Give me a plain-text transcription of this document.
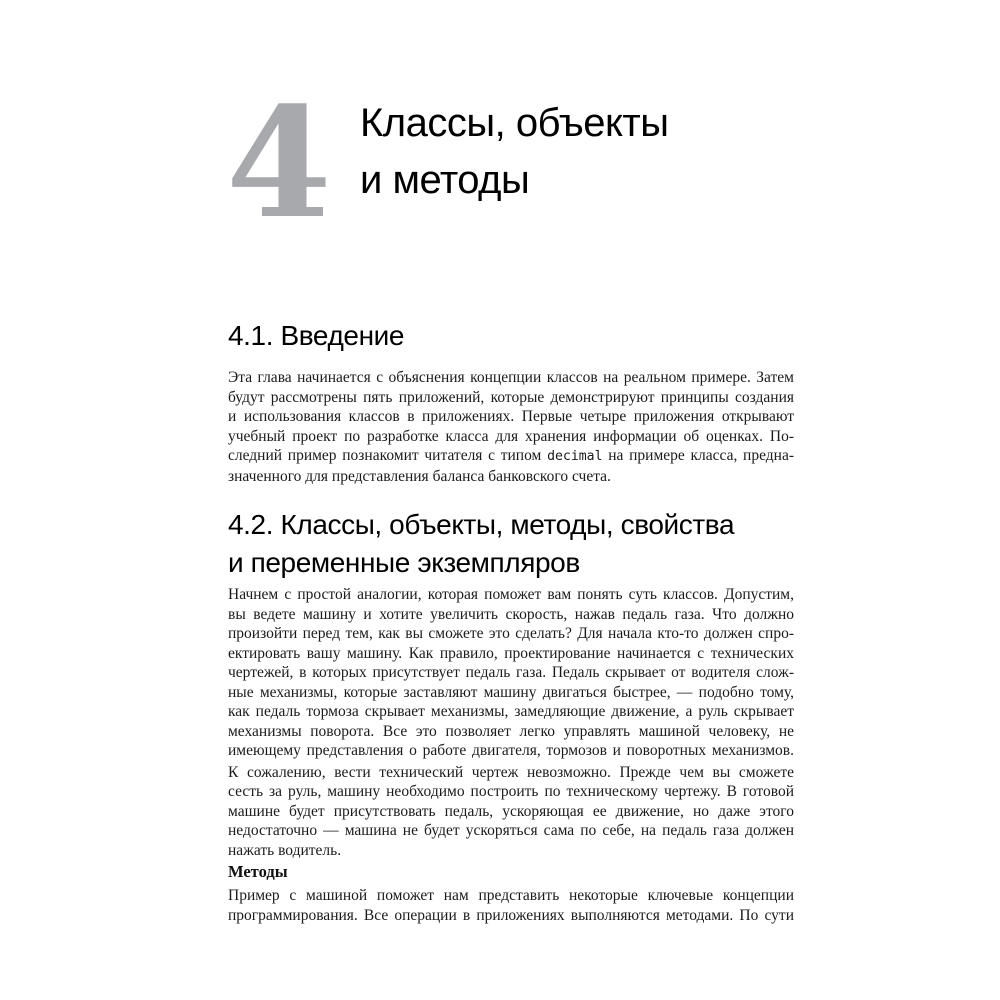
4 Классы, объекты
и методы
4.1. Введение
Эта глава начинается с объяснения концепции классов на реальном примере. Затем
будут рассмотрены пять приложений, которые демонстрируют принципы создания
и использования классов в приложениях. Первые четыре приложения открывают
учебный проект по разработке класса для хранения информации об оценках. По-
следний пример познакомит читателя с типом decimal на примере класса, предна-
значенного для представления баланса банковского счета.
4.2. Классы, объекты, методы, свойства
и переменные экземпляров
Начнем с простой аналогии, которая поможет вам понять суть классов. Допустим,
вы ведете машину и хотите увеличить скорость, нажав педаль газа. Что должно
произойти перед тем, как вы сможете это сделать? Для начала кто-то должен спро-
ектировать вашу машину. Как правило, проектирование начинается с технических
чертежей, в которых присутствует педаль газа. Педаль скрывает от водителя слож-
ные механизмы, которые заставляют машину двигаться быстрее, — подобно тому,
как педаль тормоза скрывает механизмы, замедляющие движение, а руль скрывает
механизмы поворота. Все это позволяет легко управлять машиной человеку, не
имеющему представления о работе двигателя, тормозов и поворотных механизмов.
К сожалению, вести технический чертеж невозможно. Прежде чем вы сможете
сесть за руль, машину необходимо построить по техническому чертежу. В готовой
машине будет присутствовать педаль, ускоряющая ее движение, но даже этого
недостаточно — машина не будет ускоряться сама по себе, на педаль газа должен
нажать водитель.
Методы
Пример с машиной поможет нам представить некоторые ключевые концепции
программирования. Все операции в приложениях выполняются методами. По сути
